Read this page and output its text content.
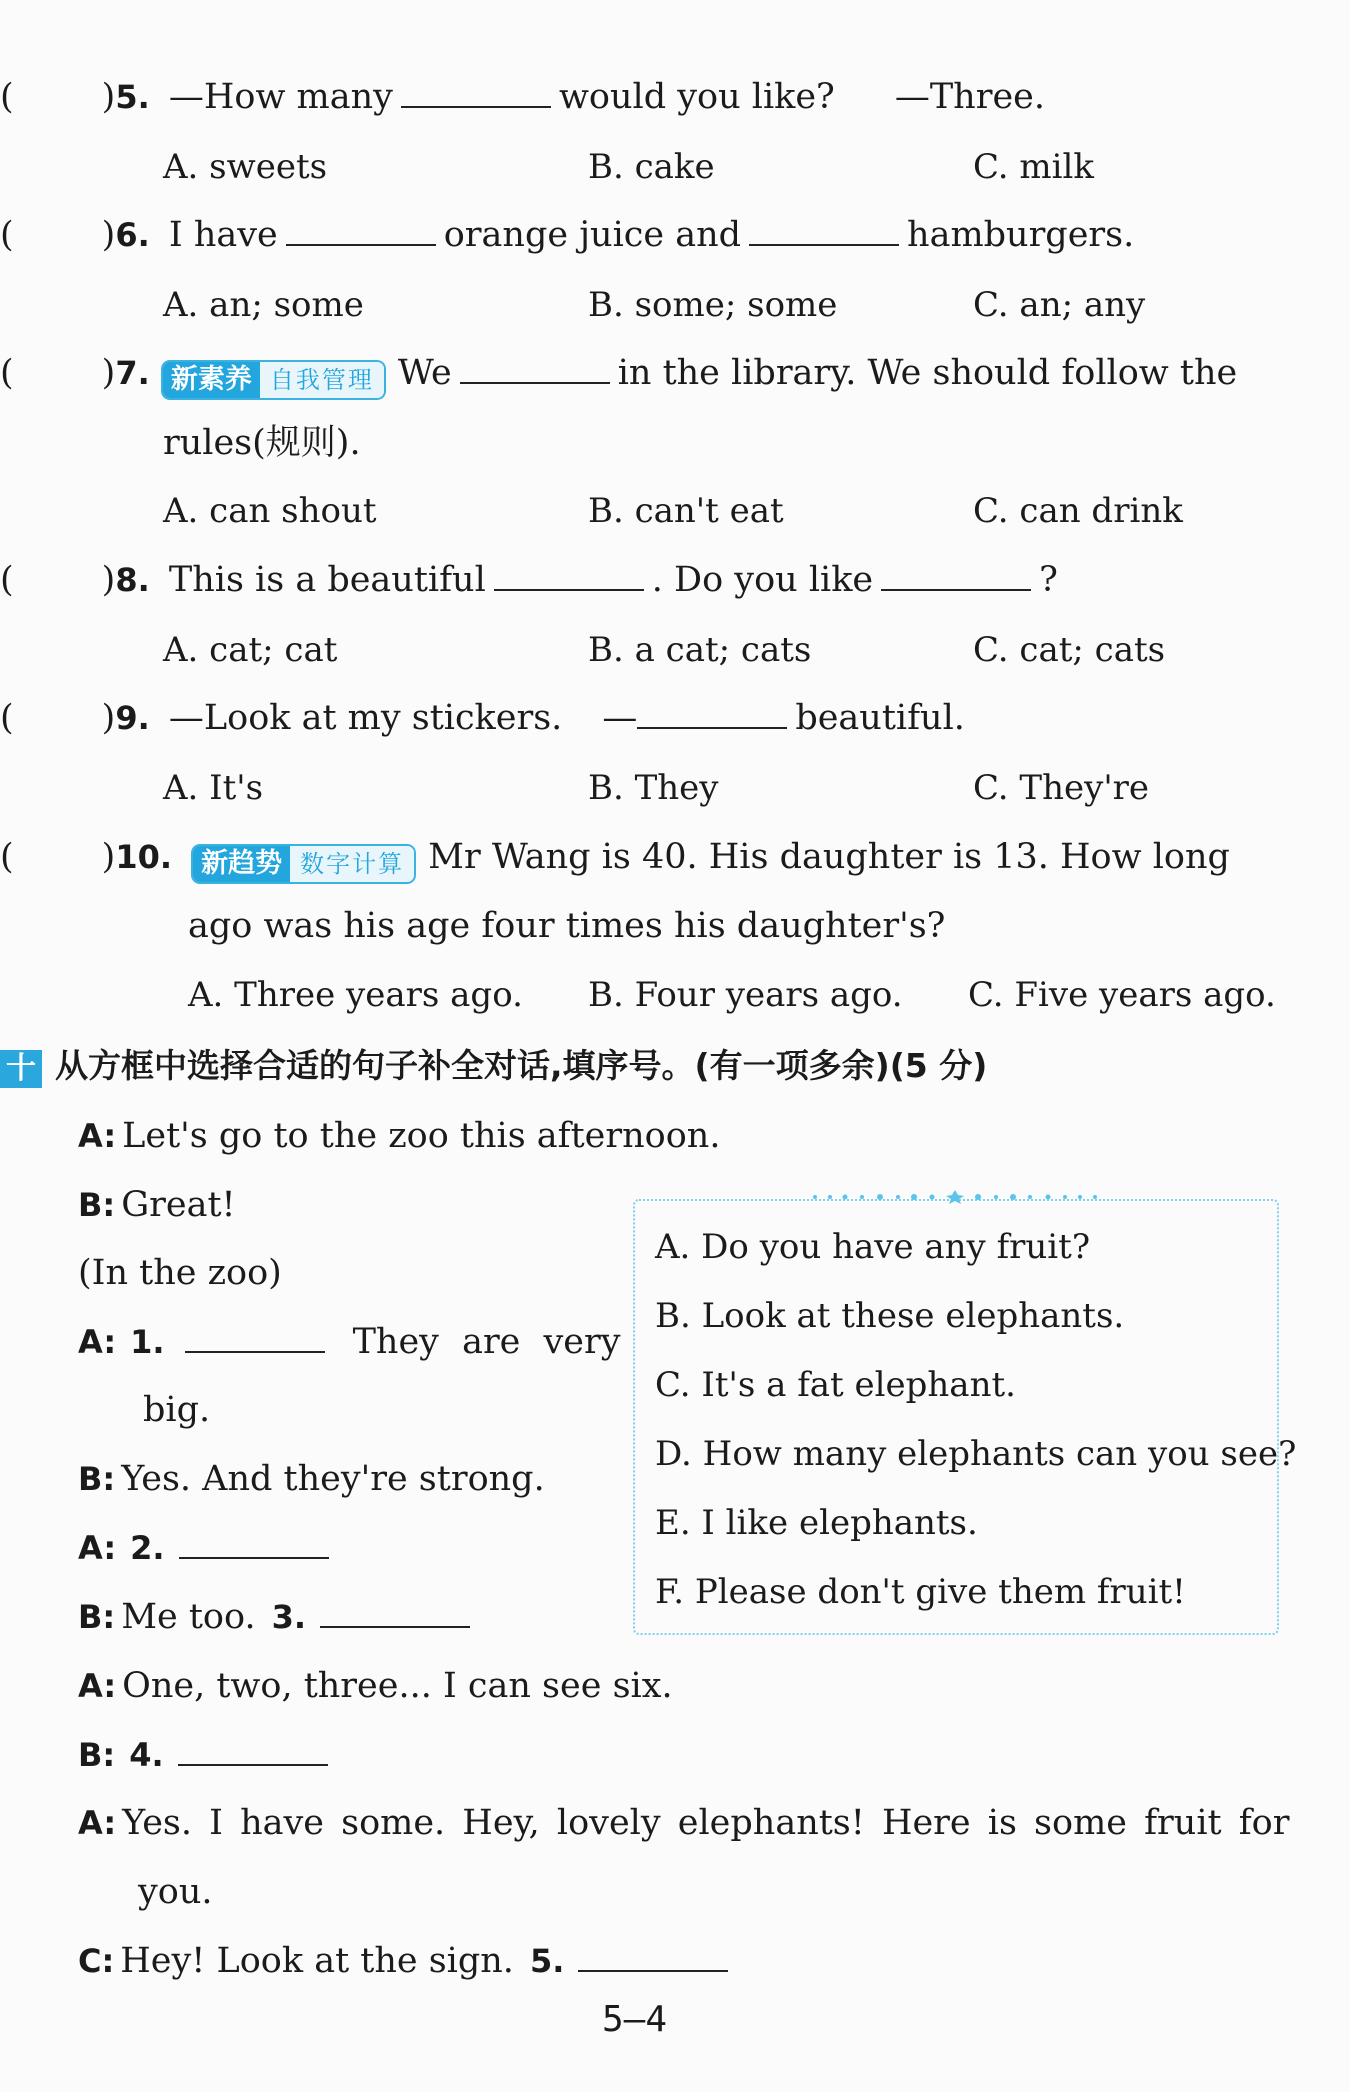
(	)5. —How many	would you like? —Three.
A. sweets	B. cake	C. milk
(	)6. I have	orange juice and	hamburgers.
A. an; some	B. some; some	C. an; any
(	)7. 新素养 自我管理 We	in the library. We should follow the
rules(规则).
A. can shout	B. can't eat	C. can drink
(	)8. This is a beautiful	. Do you like	?
A. cat; cat	B. a cat; cats	C. cat; cats
(	)9. —Look at my stickers. —	beautiful.
A. It's	B. They	C. They're
(	)10. 新趋势 数字计算 Mr Wang is 40. His daughter is 13. How long
ago was his age four times his daughter's?
A. Three years ago. B. Four years ago. C. Five years ago.
十 从方框中选择合适的句子补全对话,填序号。(有一项多余)(5 分)
A: Let's go to the zoo this afternoon.
B: Great!
(In the zoo)
A: 1.	They are very
big.
B: Yes. And they're strong.
A: 2.
B: Me too. 3.
A: One, two, three... I can see six.
B: 4.
A: Yes. I have some. Hey, lovely elephants! Here is some fruit for
you.
C: Hey! Look at the sign. 5.
A. Do you have any fruit?
B. Look at these elephants.
C. It's a fat elephant.
D. How many elephants can you see?
E. I like elephants.
F. Please don't give them fruit!
5—4
